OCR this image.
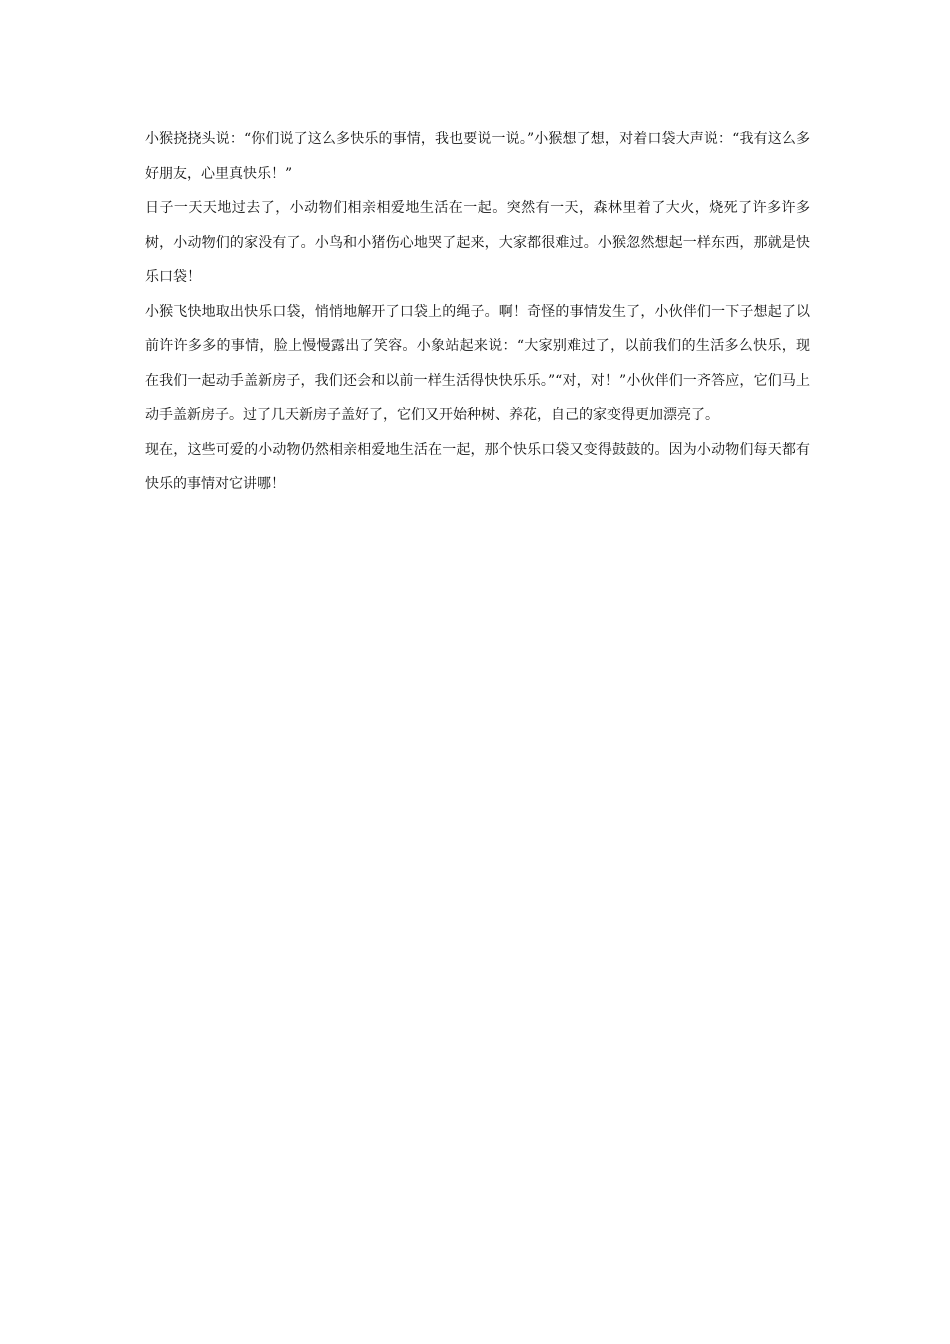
小猴挠挠头说：“你们说了这么多快乐的事情，我也要说一说。”小猴想了想，对着口袋大声说：“我有这么多好朋友，心里真快乐！”

日子一天天地过去了，小动物们相亲相爱地生活在一起。突然有一天，森林里着了大火，烧死了许多许多树，小动物们的家没有了。小鸟和小猪伤心地哭了起来，大家都很难过。小猴忽然想起一样东西，那就是快乐口袋！

小猴飞快地取出快乐口袋，悄悄地解开了口袋上的绳子。啊！奇怪的事情发生了，小伙伴们一下子想起了以前许许多多的事情，脸上慢慢露出了笑容。小象站起来说：“大家别难过了，以前我们的生活多么快乐，现在我们一起动手盖新房子，我们还会和以前一样生活得快快乐乐。”“对，对！”小伙伴们一齐答应，它们马上动手盖新房子。过了几天新房子盖好了，它们又开始种树、养花，自己的家变得更加漂亮了。

现在，这些可爱的小动物仍然相亲相爱地生活在一起，那个快乐口袋又变得鼓鼓的。因为小动物们每天都有快乐的事情对它讲哪！
